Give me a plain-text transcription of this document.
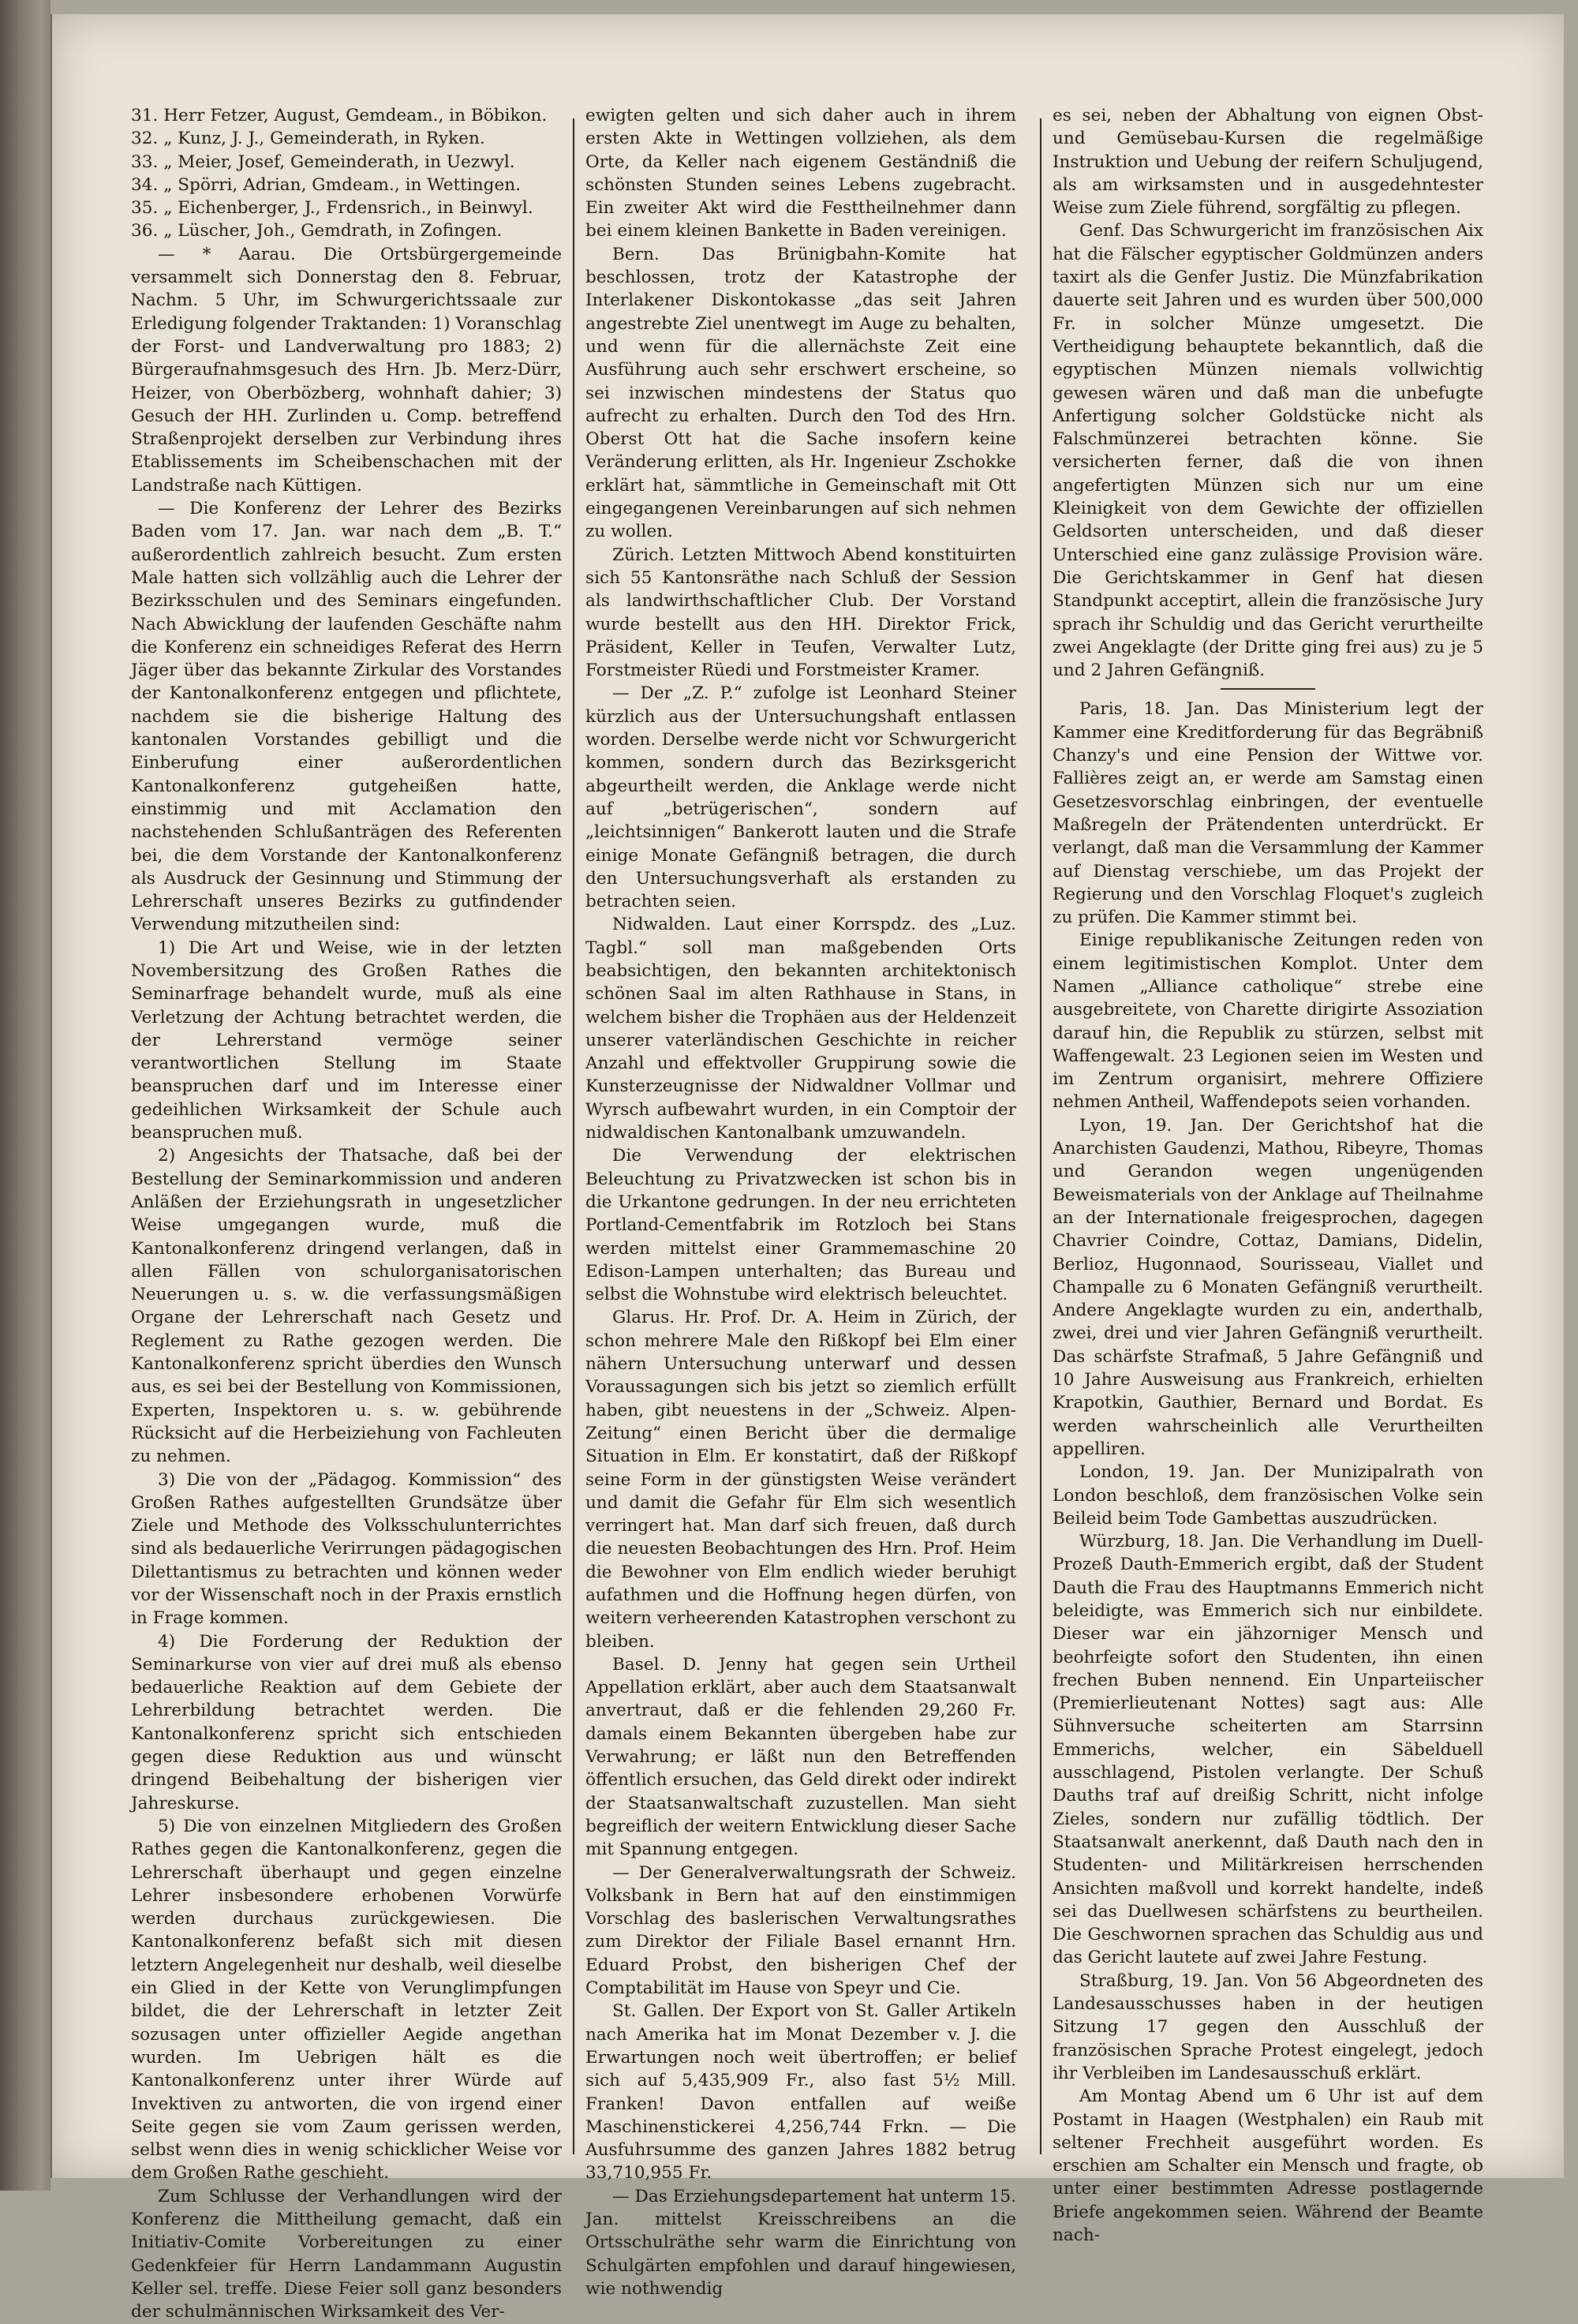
31. Herr Fetzer, August, Gemdeam., in Böbikon.

32. „ Kunz, J. J., Gemeinderath, in Ryken.

33. „ Meier, Josef, Gemeinderath, in Uezwyl.

34. „ Spörri, Adrian, Gmdeam., in Wettingen.

35. „ Eichenberger, J., Frdensrich., in Beinwyl.

36. „ Lüscher, Joh., Gemdrath, in Zofingen.

— * Aarau. Die Ortsbürgergemeinde versammelt sich Donnerstag den 8. Februar, Nachm. 5 Uhr, im Schwurgerichtssaale zur Erledigung folgender Traktanden: 1) Voranschlag der Forst- und Landverwaltung pro 1883; 2) Bürgeraufnahmsgesuch des Hrn. Jb. Merz-Dürr, Heizer, von Oberbözberg, wohnhaft dahier; 3) Gesuch der HH. Zurlinden u. Comp. betreffend Straßenprojekt derselben zur Verbindung ihres Etablissements im Scheibenschachen mit der Landstraße nach Küttigen.

— Die Konferenz der Lehrer des Bezirks Baden vom 17. Jan. war nach dem „B. T.“ außerordentlich zahlreich besucht. Zum ersten Male hatten sich vollzählig auch die Lehrer der Bezirksschulen und des Seminars eingefunden. Nach Abwicklung der laufenden Geschäfte nahm die Konferenz ein schneidiges Referat des Herrn Jäger über das bekannte Zirkular des Vorstandes der Kantonalkonferenz entgegen und pflichtete, nachdem sie die bisherige Haltung des kantonalen Vorstandes gebilligt und die Einberufung einer außerordentlichen Kantonalkonferenz gutgeheißen hatte, einstimmig und mit Acclamation den nachstehenden Schlußanträgen des Referenten bei, die dem Vorstande der Kantonalkonferenz als Ausdruck der Gesinnung und Stimmung der Lehrerschaft unseres Bezirks zu gutfindender Verwendung mitzutheilen sind:

1) Die Art und Weise, wie in der letzten Novembersitzung des Großen Rathes die Seminarfrage behandelt wurde, muß als eine Verletzung der Achtung betrachtet werden, die der Lehrerstand vermöge seiner verantwortlichen Stellung im Staate beanspruchen darf und im Interesse einer gedeihlichen Wirksamkeit der Schule auch beanspruchen muß.

2) Angesichts der Thatsache, daß bei der Bestellung der Seminarkommission und anderen Anläßen der Erziehungsrath in ungesetzlicher Weise umgegangen wurde, muß die Kantonalkonferenz dringend verlangen, daß in allen Fällen von schulorganisatorischen Neuerungen u. s. w. die verfassungsmäßigen Organe der Lehrerschaft nach Gesetz und Reglement zu Rathe gezogen werden. Die Kantonalkonferenz spricht überdies den Wunsch aus, es sei bei der Bestellung von Kommissionen, Experten, Inspektoren u. s. w. gebührende Rücksicht auf die Herbeiziehung von Fachleuten zu nehmen.

3) Die von der „Pädagog. Kommission“ des Großen Rathes aufgestellten Grundsätze über Ziele und Methode des Volksschulunterrichtes sind als bedauerliche Verirrungen pädagogischen Dilettantismus zu betrachten und können weder vor der Wissenschaft noch in der Praxis ernstlich in Frage kommen.

4) Die Forderung der Reduktion der Seminarkurse von vier auf drei muß als ebenso bedauerliche Reaktion auf dem Gebiete der Lehrerbildung betrachtet werden. Die Kantonalkonferenz spricht sich entschieden gegen diese Reduktion aus und wünscht dringend Beibehaltung der bisherigen vier Jahreskurse.

5) Die von einzelnen Mitgliedern des Großen Rathes gegen die Kantonalkonferenz, gegen die Lehrerschaft überhaupt und gegen einzelne Lehrer insbesondere erhobenen Vorwürfe werden durchaus zurückgewiesen. Die Kantonalkonferenz befaßt sich mit diesen letztern Angelegenheit nur deshalb, weil dieselbe ein Glied in der Kette von Verunglimpfungen bildet, die der Lehrerschaft in letzter Zeit sozusagen unter offizieller Aegide angethan wurden. Im Uebrigen hält es die Kantonalkonferenz unter ihrer Würde auf Invektiven zu antworten, die von irgend einer Seite gegen sie vom Zaum gerissen werden, selbst wenn dies in wenig schicklicher Weise vor dem Großen Rathe geschieht.

Zum Schlusse der Verhandlungen wird der Konferenz die Mittheilung gemacht, daß ein Initiativ-Comite Vorbereitungen zu einer Gedenkfeier für Herrn Landammann Augustin Keller sel. treffe. Diese Feier soll ganz besonders der schulmännischen Wirksamkeit des Ver-

ewigten gelten und sich daher auch in ihrem ersten Akte in Wettingen vollziehen, als dem Orte, da Keller nach eigenem Geständniß die schönsten Stunden seines Lebens zugebracht. Ein zweiter Akt wird die Festtheilnehmer dann bei einem kleinen Bankette in Baden vereinigen.

Bern. Das Brünigbahn-Komite hat beschlossen, trotz der Katastrophe der Interlakener Diskontokasse „das seit Jahren angestrebte Ziel unentwegt im Auge zu behalten, und wenn für die allernächste Zeit eine Ausführung auch sehr erschwert erscheine, so sei inzwischen mindestens der Status quo aufrecht zu erhalten. Durch den Tod des Hrn. Oberst Ott hat die Sache insofern keine Veränderung erlitten, als Hr. Ingenieur Zschokke erklärt hat, sämmtliche in Gemeinschaft mit Ott eingegangenen Vereinbarungen auf sich nehmen zu wollen.

Zürich. Letzten Mittwoch Abend konstituirten sich 55 Kantonsräthe nach Schluß der Session als landwirthschaftlicher Club. Der Vorstand wurde bestellt aus den HH. Direktor Frick, Präsident, Keller in Teufen, Verwalter Lutz, Forstmeister Rüedi und Forstmeister Kramer.

— Der „Z. P.“ zufolge ist Leonhard Steiner kürzlich aus der Untersuchungshaft entlassen worden. Derselbe werde nicht vor Schwurgericht kommen, sondern durch das Bezirksgericht abgeurtheilt werden, die Anklage werde nicht auf „betrügerischen“, sondern auf „leichtsinnigen“ Bankerott lauten und die Strafe einige Monate Gefängniß betragen, die durch den Untersuchungsverhaft als erstanden zu betrachten seien.

Nidwalden. Laut einer Korrspdz. des „Luz. Tagbl.“ soll man maßgebenden Orts beabsichtigen, den bekannten architektonisch schönen Saal im alten Rathhause in Stans, in welchem bisher die Trophäen aus der Heldenzeit unserer vaterländischen Geschichte in reicher Anzahl und effektvoller Gruppirung sowie die Kunsterzeugnisse der Nidwaldner Vollmar und Wyrsch aufbewahrt wurden, in ein Comptoir der nidwaldischen Kantonalbank umzuwandeln.

Die Verwendung der elektrischen Beleuchtung zu Privatzwecken ist schon bis in die Urkantone gedrungen. In der neu errichteten Portland-Cementfabrik im Rotzloch bei Stans werden mittelst einer Grammemaschine 20 Edison-Lampen unterhalten; das Bureau und selbst die Wohnstube wird elektrisch beleuchtet.

Glarus. Hr. Prof. Dr. A. Heim in Zürich, der schon mehrere Male den Rißkopf bei Elm einer nähern Untersuchung unterwarf und dessen Voraussagungen sich bis jetzt so ziemlich erfüllt haben, gibt neuestens in der „Schweiz. Alpen-Zeitung“ einen Bericht über die dermalige Situation in Elm. Er konstatirt, daß der Rißkopf seine Form in der günstigsten Weise verändert und damit die Gefahr für Elm sich wesentlich verringert hat. Man darf sich freuen, daß durch die neuesten Beobachtungen des Hrn. Prof. Heim die Bewohner von Elm endlich wieder beruhigt aufathmen und die Hoffnung hegen dürfen, von weitern verheerenden Katastrophen verschont zu bleiben.

Basel. D. Jenny hat gegen sein Urtheil Appellation erklärt, aber auch dem Staatsanwalt anvertraut, daß er die fehlenden 29,260 Fr. damals einem Bekannten übergeben habe zur Verwahrung; er läßt nun den Betreffenden öffentlich ersuchen, das Geld direkt oder indirekt der Staatsanwaltschaft zuzustellen. Man sieht begreiflich der weitern Entwicklung dieser Sache mit Spannung entgegen.

— Der Generalverwaltungsrath der Schweiz. Volksbank in Bern hat auf den einstimmigen Vorschlag des baslerischen Verwaltungsrathes zum Direktor der Filiale Basel ernannt Hrn. Eduard Probst, den bisherigen Chef der Comptabilität im Hause von Speyr und Cie.

St. Gallen. Der Export von St. Galler Artikeln nach Amerika hat im Monat Dezember v. J. die Erwartungen noch weit übertroffen; er belief sich auf 5,435,909 Fr., also fast 5½ Mill. Franken! Davon entfallen auf weiße Maschinenstickerei 4,256,744 Frkn. — Die Ausfuhrsumme des ganzen Jahres 1882 betrug 33,710,955 Fr.

— Das Erziehungsdepartement hat unterm 15. Jan. mittelst Kreisschreibens an die Ortsschulräthe sehr warm die Einrichtung von Schulgärten empfohlen und darauf hingewiesen, wie nothwendig

es sei, neben der Abhaltung von eignen Obst- und Gemüsebau-Kursen die regelmäßige Instruktion und Uebung der reifern Schuljugend, als am wirksamsten und in ausgedehntester Weise zum Ziele führend, sorgfältig zu pflegen.

Genf. Das Schwurgericht im französischen Aix hat die Fälscher egyptischer Goldmünzen anders taxirt als die Genfer Justiz. Die Münzfabrikation dauerte seit Jahren und es wurden über 500,000 Fr. in solcher Münze umgesetzt. Die Vertheidigung behauptete bekanntlich, daß die egyptischen Münzen niemals vollwichtig gewesen wären und daß man die unbefugte Anfertigung solcher Goldstücke nicht als Falschmünzerei betrachten könne. Sie versicherten ferner, daß die von ihnen angefertigten Münzen sich nur um eine Kleinigkeit von dem Gewichte der offiziellen Geldsorten unterscheiden, und daß dieser Unterschied eine ganz zulässige Provision wäre. Die Gerichtskammer in Genf hat diesen Standpunkt acceptirt, allein die französische Jury sprach ihr Schuldig und das Gericht verurtheilte zwei Angeklagte (der Dritte ging frei aus) zu je 5 und 2 Jahren Gefängniß.

Paris, 18. Jan. Das Ministerium legt der Kammer eine Kreditforderung für das Begräbniß Chanzy's und eine Pension der Wittwe vor. Fallières zeigt an, er werde am Samstag einen Gesetzesvorschlag einbringen, der eventuelle Maßregeln der Prätendenten unterdrückt. Er verlangt, daß man die Versammlung der Kammer auf Dienstag verschiebe, um das Projekt der Regierung und den Vorschlag Floquet's zugleich zu prüfen. Die Kammer stimmt bei.

Einige republikanische Zeitungen reden von einem legitimistischen Komplot. Unter dem Namen „Alliance catholique“ strebe eine ausgebreitete, von Charette dirigirte Assoziation darauf hin, die Republik zu stürzen, selbst mit Waffengewalt. 23 Legionen seien im Westen und im Zentrum organisirt, mehrere Offiziere nehmen Antheil, Waffendepots seien vorhanden.

Lyon, 19. Jan. Der Gerichtshof hat die Anarchisten Gaudenzi, Mathou, Ribeyre, Thomas und Gerandon wegen ungenügenden Beweismaterials von der Anklage auf Theilnahme an der Internationale freigesprochen, dagegen Chavrier Coindre, Cottaz, Damians, Didelin, Berlioz, Hugonnaod, Sourisseau, Viallet und Champalle zu 6 Monaten Gefängniß verurtheilt. Andere Angeklagte wurden zu ein, anderthalb, zwei, drei und vier Jahren Gefängniß verurtheilt. Das schärfste Strafmaß, 5 Jahre Gefängniß und 10 Jahre Ausweisung aus Frankreich, erhielten Krapotkin, Gauthier, Bernard und Bordat. Es werden wahrscheinlich alle Verurtheilten appelliren.

London, 19. Jan. Der Munizipalrath von London beschloß, dem französischen Volke sein Beileid beim Tode Gambettas auszudrücken.

Würzburg, 18. Jan. Die Verhandlung im Duell-Prozeß Dauth-Emmerich ergibt, daß der Student Dauth die Frau des Hauptmanns Emmerich nicht beleidigte, was Emmerich sich nur einbildete. Dieser war ein jähzorniger Mensch und beohrfeigte sofort den Studenten, ihn einen frechen Buben nennend. Ein Unparteiischer (Premierlieutenant Nottes) sagt aus: Alle Sühnversuche scheiterten am Starrsinn Emmerichs, welcher, ein Säbelduell ausschlagend, Pistolen verlangte. Der Schuß Dauths traf auf dreißig Schritt, nicht infolge Zieles, sondern nur zufällig tödtlich. Der Staatsanwalt anerkennt, daß Dauth nach den in Studenten- und Militärkreisen herrschenden Ansichten maßvoll und korrekt handelte, indeß sei das Duellwesen schärfstens zu beurtheilen. Die Geschwornen sprachen das Schuldig aus und das Gericht lautete auf zwei Jahre Festung.

Straßburg, 19. Jan. Von 56 Abgeordneten des Landesausschusses haben in der heutigen Sitzung 17 gegen den Ausschluß der französischen Sprache Protest eingelegt, jedoch ihr Verbleiben im Landesausschuß erklärt.

Am Montag Abend um 6 Uhr ist auf dem Postamt in Haagen (Westphalen) ein Raub mit seltener Frechheit ausgeführt worden. Es erschien am Schalter ein Mensch und fragte, ob unter einer bestimmten Adresse postlagernde Briefe angekommen seien. Während der Beamte nach-
